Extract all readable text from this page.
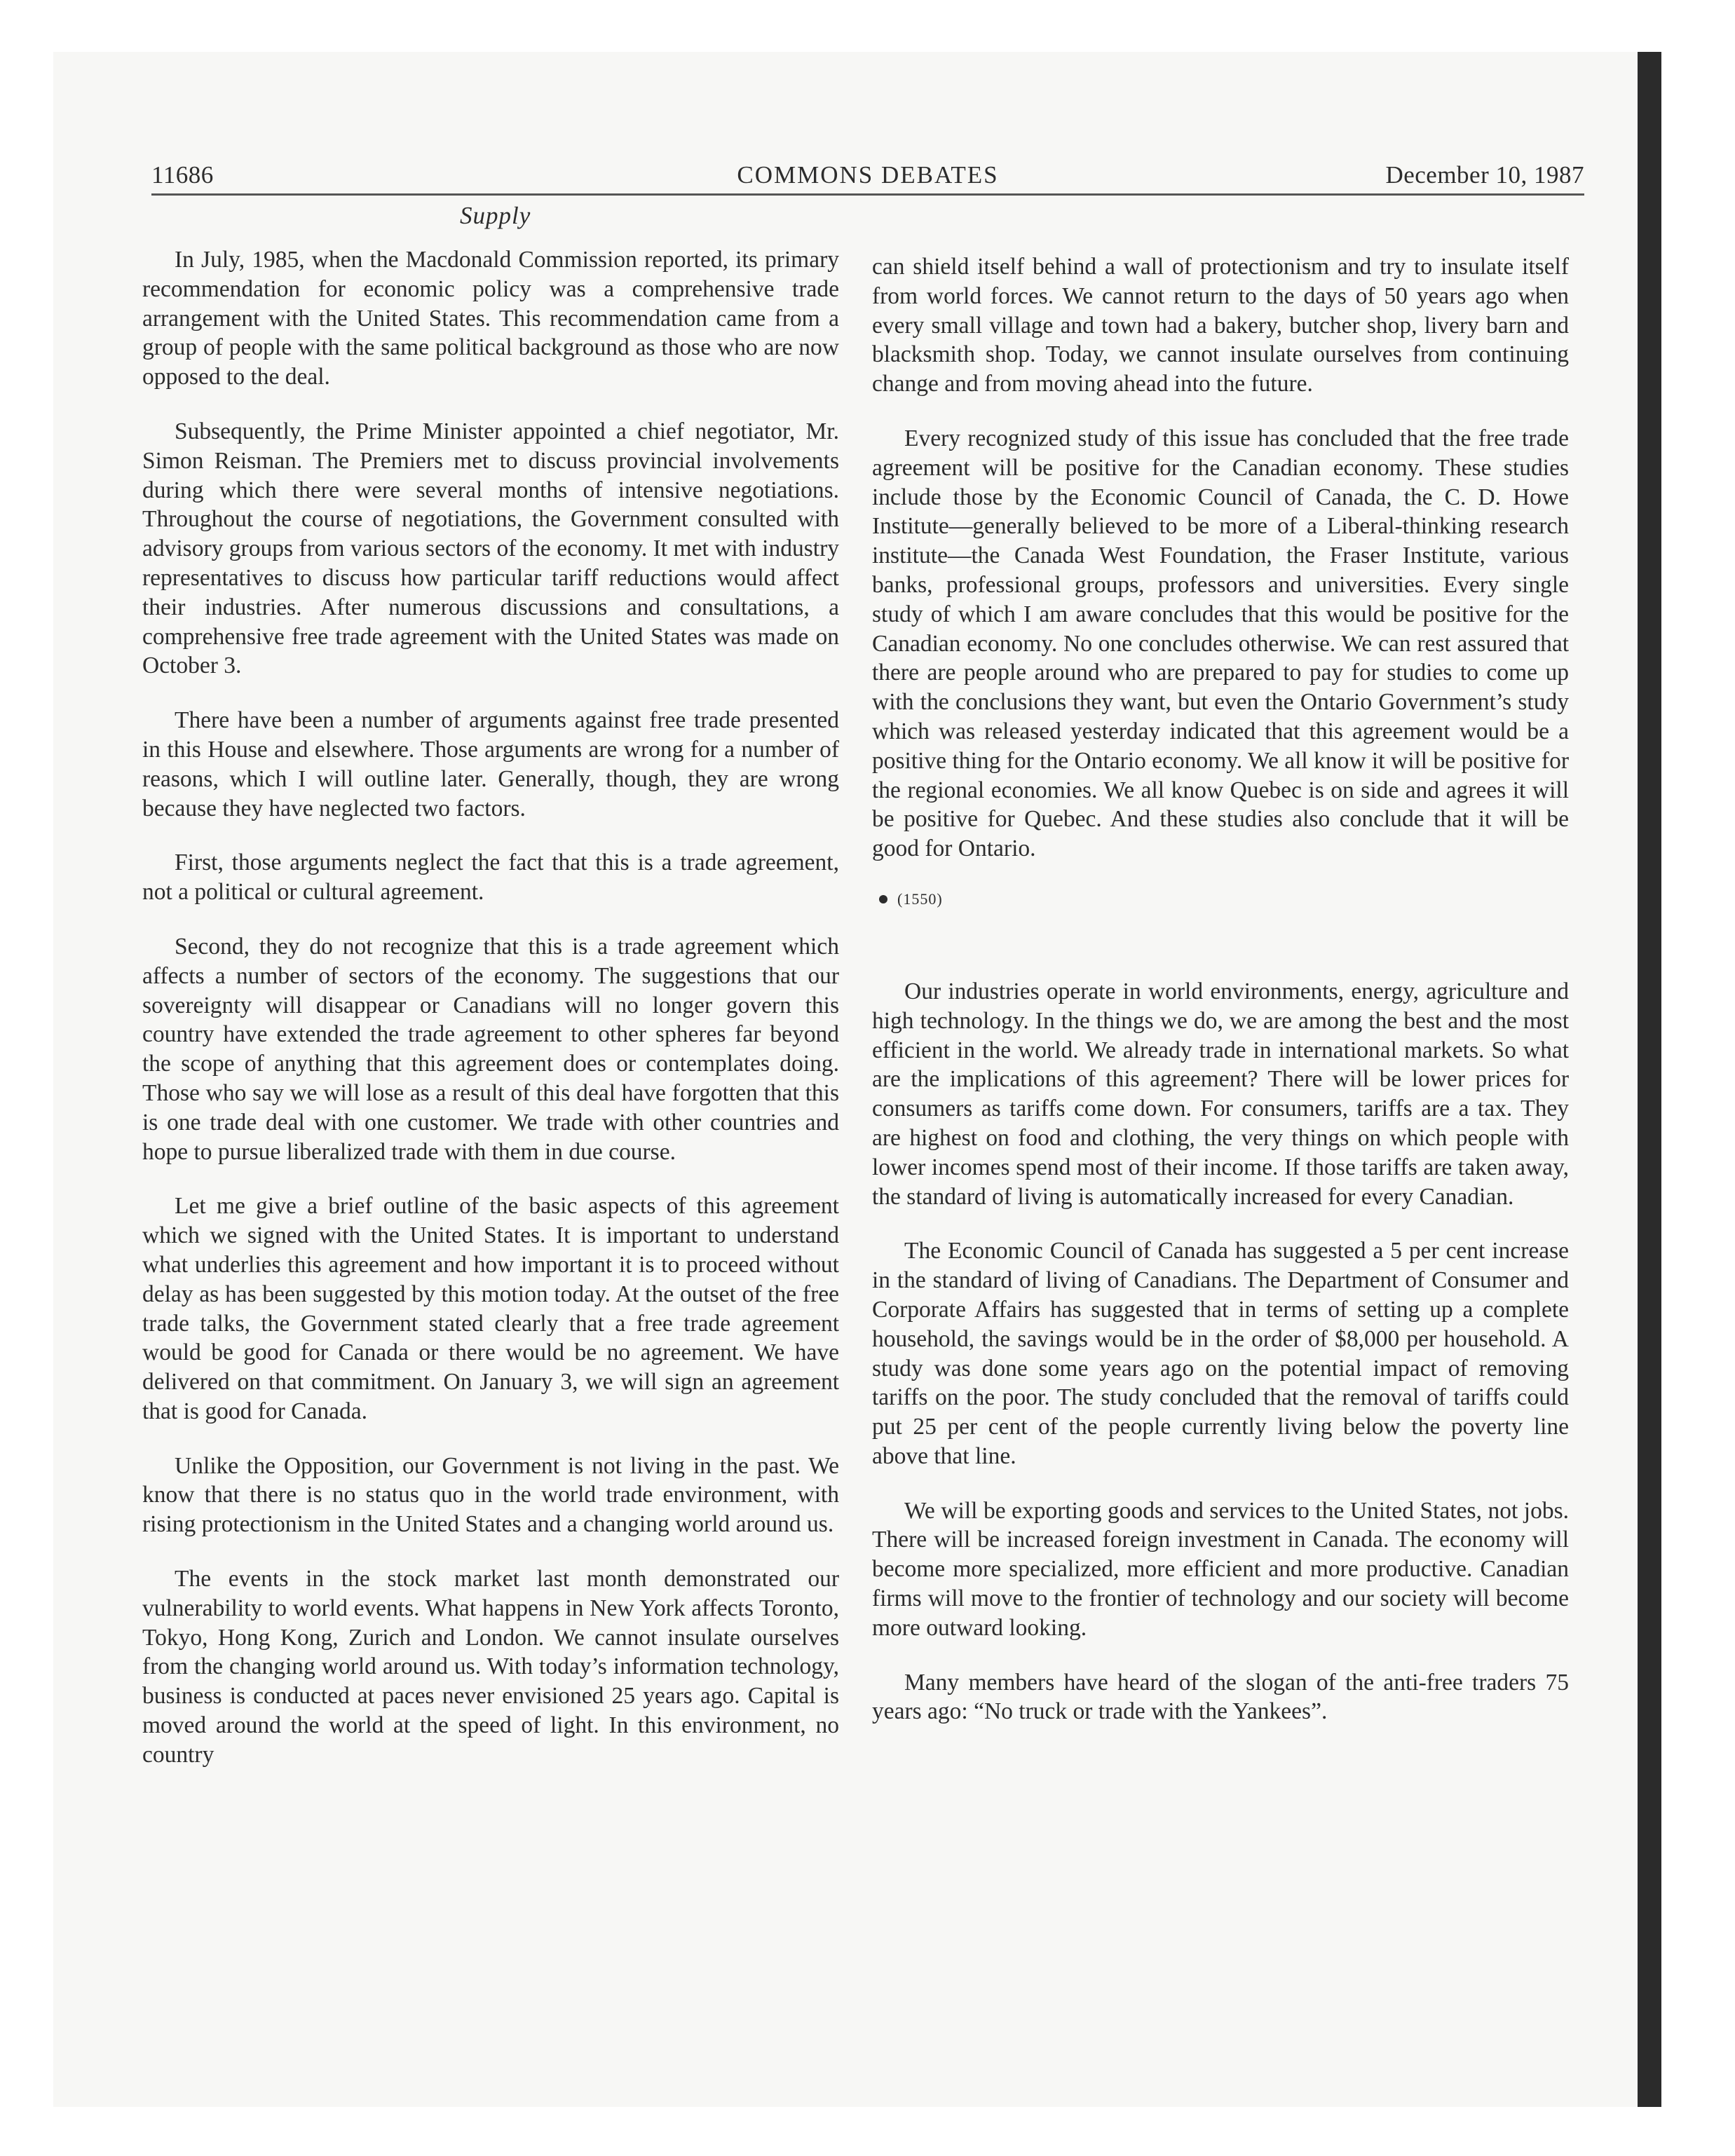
11686	COMMONS DEBATES	December 10, 1987
Supply

In July, 1985, when the Macdonald Commission reported, its primary recommendation for economic policy was a comprehensive trade arrangement with the United States. This recommendation came from a group of people with the same political background as those who are now opposed to the deal.

Subsequently, the Prime Minister appointed a chief negotiator, Mr. Simon Reisman. The Premiers met to discuss provincial involvements during which there were several months of intensive negotiations. Throughout the course of negotiations, the Government consulted with advisory groups from various sectors of the economy. It met with industry representatives to discuss how particular tariff reductions would affect their industries. After numerous discussions and consultations, a comprehensive free trade agreement with the United States was made on October 3.

There have been a number of arguments against free trade presented in this House and elsewhere. Those arguments are wrong for a number of reasons, which I will outline later. Generally, though, they are wrong because they have neglected two factors.

First, those arguments neglect the fact that this is a trade agreement, not a political or cultural agreement.

Second, they do not recognize that this is a trade agreement which affects a number of sectors of the economy. The suggestions that our sovereignty will disappear or Canadians will no longer govern this country have extended the trade agreement to other spheres far beyond the scope of anything that this agreement does or contemplates doing. Those who say we will lose as a result of this deal have forgotten that this is one trade deal with one customer. We trade with other countries and hope to pursue liberalized trade with them in due course.

Let me give a brief outline of the basic aspects of this agreement which we signed with the United States. It is important to understand what underlies this agreement and how important it is to proceed without delay as has been suggested by this motion today. At the outset of the free trade talks, the Government stated clearly that a free trade agreement would be good for Canada or there would be no agreement. We have delivered on that commitment. On January 3, we will sign an agreement that is good for Canada.

Unlike the Opposition, our Government is not living in the past. We know that there is no status quo in the world trade environment, with rising protectionism in the United States and a changing world around us.

The events in the stock market last month demonstrated our vulnerability to world events. What happens in New York affects Toronto, Tokyo, Hong Kong, Zurich and London. We cannot insulate ourselves from the changing world around us. With today’s information technology, business is conducted at paces never envisioned 25 years ago. Capital is moved around the world at the speed of light. In this environment, no country

can shield itself behind a wall of protectionism and try to insulate itself from world forces. We cannot return to the days of 50 years ago when every small village and town had a bakery, butcher shop, livery barn and blacksmith shop. Today, we cannot insulate ourselves from continuing change and from moving ahead into the future.

Every recognized study of this issue has concluded that the free trade agreement will be positive for the Canadian economy. These studies include those by the Economic Council of Canada, the C. D. Howe Institute—generally believed to be more of a Liberal-thinking research institute—the Canada West Foundation, the Fraser Institute, various banks, professional groups, professors and universities. Every single study of which I am aware concludes that this would be positive for the Canadian economy. No one concludes otherwise. We can rest assured that there are people around who are prepared to pay for studies to come up with the conclusions they want, but even the Ontario Government’s study which was released yesterday indicated that this agreement would be a positive thing for the Ontario economy. We all know it will be positive for the regional economies. We all know Quebec is on side and agrees it will be positive for Quebec. And these studies also conclude that it will be good for Ontario.

(1550)

Our industries operate in world environments, energy, agriculture and high technology. In the things we do, we are among the best and the most efficient in the world. We already trade in international markets. So what are the implications of this agreement? There will be lower prices for consumers as tariffs come down. For consumers, tariffs are a tax. They are highest on food and clothing, the very things on which people with lower incomes spend most of their income. If those tariffs are taken away, the standard of living is automatically increased for every Canadian.

The Economic Council of Canada has suggested a 5 per cent increase in the standard of living of Canadians. The Department of Consumer and Corporate Affairs has suggested that in terms of setting up a complete household, the savings would be in the order of $8,000 per household. A study was done some years ago on the potential impact of removing tariffs on the poor. The study concluded that the removal of tariffs could put 25 per cent of the people currently living below the poverty line above that line.

We will be exporting goods and services to the United States, not jobs. There will be increased foreign investment in Canada. The economy will become more specialized, more efficient and more productive. Canadian firms will move to the frontier of technology and our society will become more outward looking.

Many members have heard of the slogan of the anti-free traders 75 years ago: “No truck or trade with the Yankees”.
